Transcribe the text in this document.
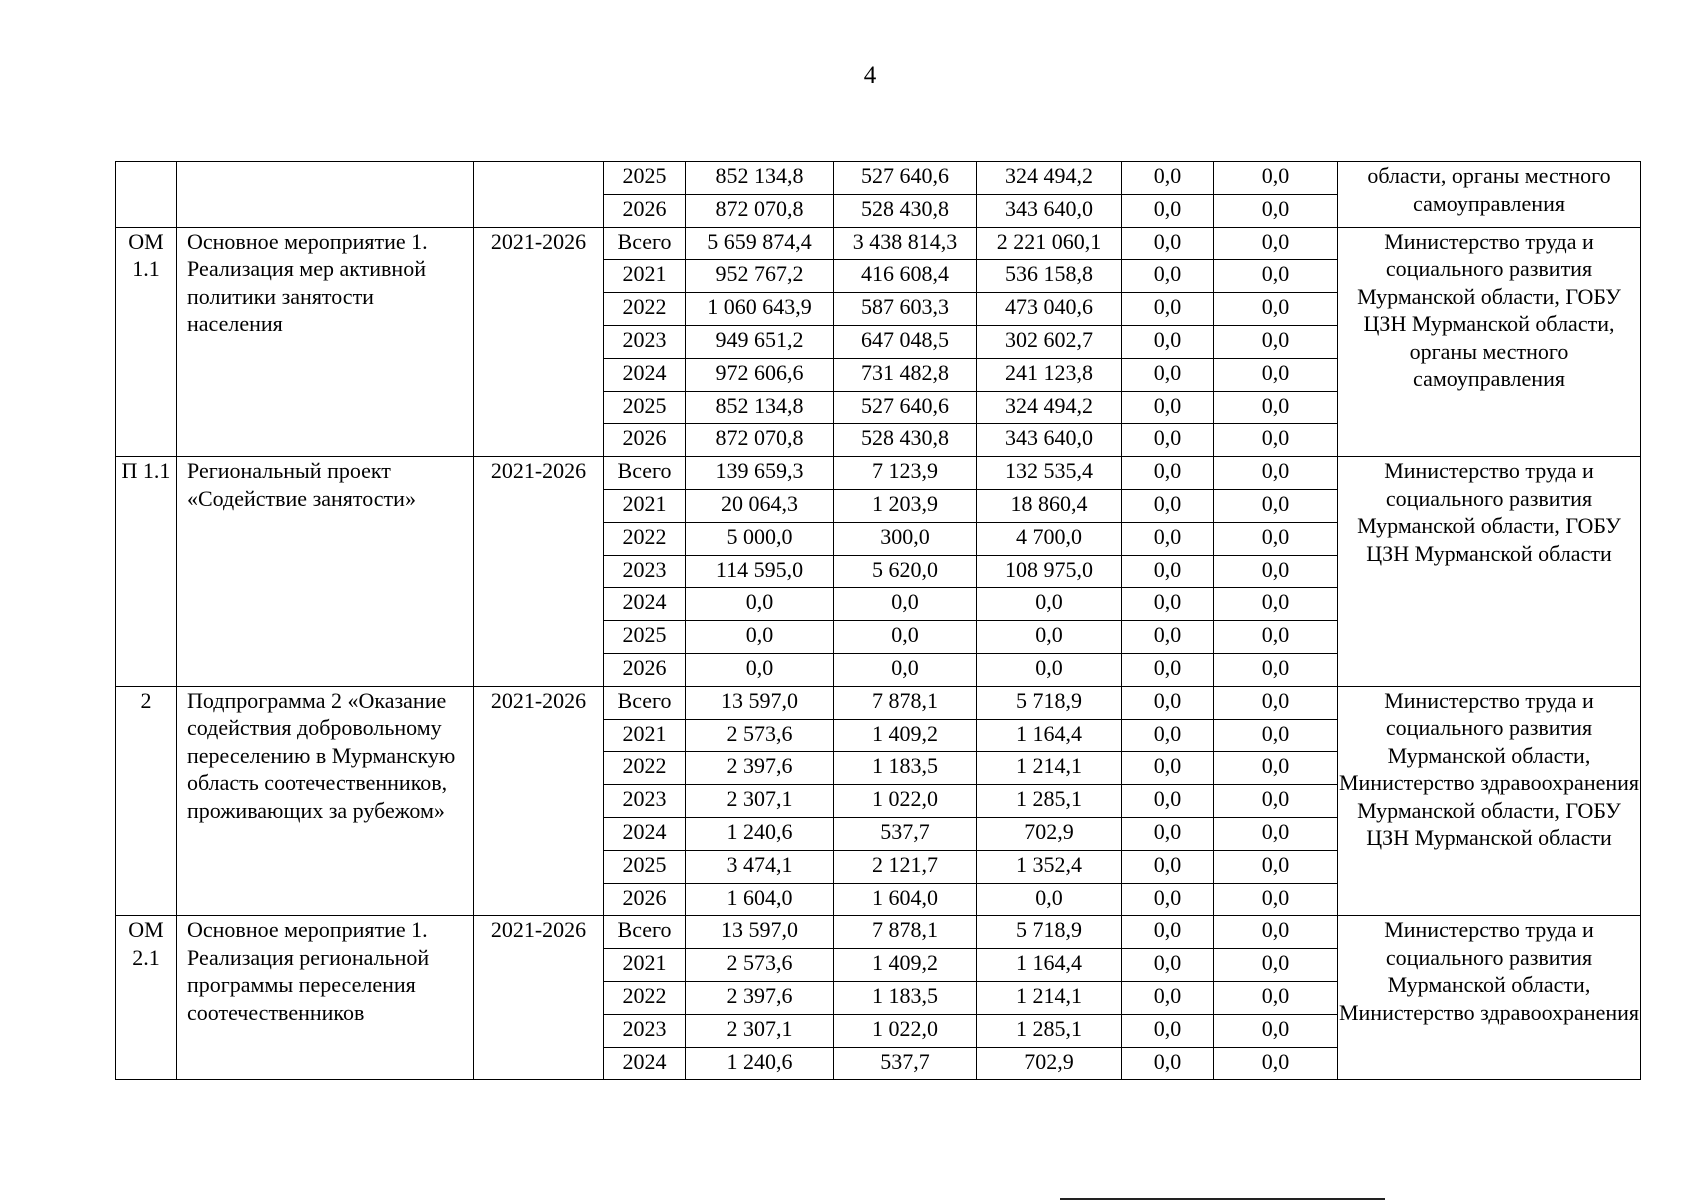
4
			2025	852 134,8	527 640,6	324 494,2	0,0	0,0	области, органы местного самоуправления
			2026	872 070,8	528 430,8	343 640,0	0,0	0,0	
ОМ 1.1	Основное мероприятие 1. Реализация мер активной политики занятости населения	2021-2026	Всего	5 659 874,4	3 438 814,3	2 221 060,1	0,0	0,0	Министерство труда и социального развития Мурманской области, ГОБУ ЦЗН Мурманской области, органы местного самоуправления
			2021	952 767,2	416 608,4	536 158,8	0,0	0,0	
			2022	1 060 643,9	587 603,3	473 040,6	0,0	0,0	
			2023	949 651,2	647 048,5	302 602,7	0,0	0,0	
			2024	972 606,6	731 482,8	241 123,8	0,0	0,0	
			2025	852 134,8	527 640,6	324 494,2	0,0	0,0	
			2026	872 070,8	528 430,8	343 640,0	0,0	0,0	
П 1.1	Региональный проект «Содействие занятости»	2021-2026	Всего	139 659,3	7 123,9	132 535,4	0,0	0,0	Министерство труда и социального развития Мурманской области, ГОБУ ЦЗН Мурманской области
			2021	20 064,3	1 203,9	18 860,4	0,0	0,0	
			2022	5 000,0	300,0	4 700,0	0,0	0,0	
			2023	114 595,0	5 620,0	108 975,0	0,0	0,0	
			2024	0,0	0,0	0,0	0,0	0,0	
			2025	0,0	0,0	0,0	0,0	0,0	
			2026	0,0	0,0	0,0	0,0	0,0	
2	Подпрограмма 2 «Оказание содействия добровольному переселению в Мурманскую область соотечественников, проживающих за рубежом»	2021-2026	Всего	13 597,0	7 878,1	5 718,9	0,0	0,0	Министерство труда и социального развития Мурманской области, Министерство здравоохранения Мурманской области, ГОБУ ЦЗН Мурманской области
			2021	2 573,6	1 409,2	1 164,4	0,0	0,0	
			2022	2 397,6	1 183,5	1 214,1	0,0	0,0	
			2023	2 307,1	1 022,0	1 285,1	0,0	0,0	
			2024	1 240,6	537,7	702,9	0,0	0,0	
			2025	3 474,1	2 121,7	1 352,4	0,0	0,0	
			2026	1 604,0	1 604,0	0,0	0,0	0,0	
ОМ 2.1	Основное мероприятие 1. Реализация региональной программы переселения соотечественников	2021-2026	Всего	13 597,0	7 878,1	5 718,9	0,0	0,0	Министерство труда и социального развития Мурманской области, Министерство здравоохранения
			2021	2 573,6	1 409,2	1 164,4	0,0	0,0	
			2022	2 397,6	1 183,5	1 214,1	0,0	0,0	
			2023	2 307,1	1 022,0	1 285,1	0,0	0,0	
			2024	1 240,6	537,7	702,9	0,0	0,0	
